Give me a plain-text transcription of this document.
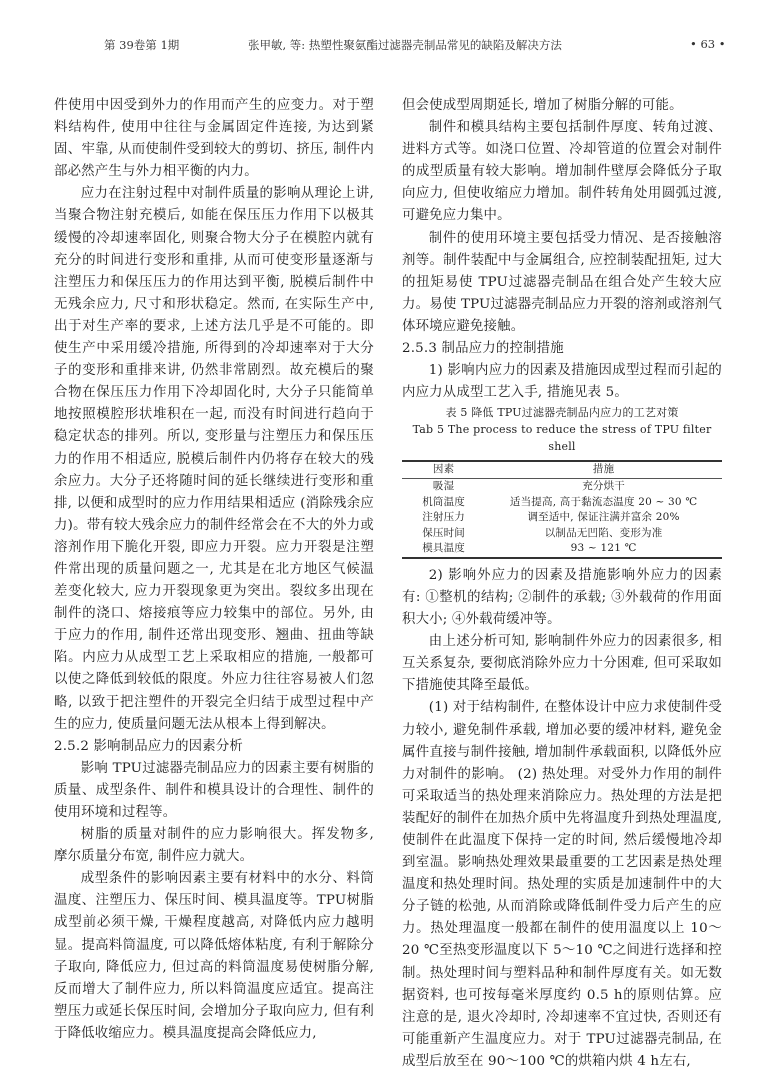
第 39卷第 1期	张甲敏, 等: 热塑性聚氨酯过滤器壳制品常见的缺陷及解决方法	• 63 •

件使用中因受到外力的作用而产生的应变力。对于塑料结构件, 使用中往往与金属固定件连接, 为达到紧固、牢靠, 从而使制件受到较大的剪切、挤压, 制件内部必然产生与外力相平衡的内力。

应力在注射过程中对制件质量的影响从理论上讲, 当聚合物注射充模后, 如能在保压压力作用下以极其缓慢的冷却速率固化, 则聚合物大分子在模腔内就有充分的时间进行变形和重排, 从而可使变形量逐渐与注塑压力和保压压力的作用达到平衡, 脱模后制件中无残余应力, 尺寸和形状稳定。然而, 在实际生产中, 出于对生产率的要求, 上述方法几乎是不可能的。即使生产中采用缓冷措施, 所得到的冷却速率对于大分子的变形和重排来讲, 仍然非常剧烈。故充模后的聚合物在保压压力作用下冷却固化时, 大分子只能简单地按照模腔形状堆积在一起, 而没有时间进行趋向于稳定状态的排列。所以, 变形量与注塑压力和保压压力的作用不相适应, 脱模后制件内仍将存在较大的残余应力。大分子还将随时间的延长继续进行变形和重排, 以便和成型时的应力作用结果相适应 (消除残余应力)。带有较大残余应力的制件经常会在不大的外力或溶剂作用下脆化开裂, 即应力开裂。应力开裂是注塑件常出现的质量问题之一, 尤其是在北方地区气候温差变化较大, 应力开裂现象更为突出。裂纹多出现在制件的浇口、熔接痕等应力较集中的部位。另外, 由于应力的作用, 制件还常出现变形、翘曲、扭曲等缺陷。内应力从成型工艺上采取相应的措施, 一般都可以使之降低到较低的限度。外应力往往容易被人们忽略, 以致于把注塑件的开裂完全归结于成型过程中产生的应力, 使质量问题无法从根本上得到解决。

2.5.2 影响制品应力的因素分析

影响 TPU过滤器壳制品应力的因素主要有树脂的质量、成型条件、制件和模具设计的合理性、制件的使用环境和过程等。

树脂的质量对制件的应力影响很大。挥发物多, 摩尔质量分布宽, 制件应力就大。

成型条件的影响因素主要有材料中的水分、料筒温度、注塑压力、保压时间、模具温度等。TPU树脂成型前必须干燥, 干燥程度越高, 对降低内应力越明显。提高料筒温度, 可以降低熔体粘度, 有利于解除分子取向, 降低应力, 但过高的料筒温度易使树脂分解, 反而增大了制件应力, 所以料筒温度应适宜。提高注塑压力或延长保压时间, 会增加分子取向应力, 但有利于降低收缩应力。模具温度提高会降低应力,

但会使成型周期延长, 增加了树脂分解的可能。

制件和模具结构主要包括制件厚度、转角过渡、进料方式等。如浇口位置、冷却管道的位置会对制件的成型质量有较大影响。增加制件壁厚会降低分子取向应力, 但使收缩应力增加。制件转角处用圆弧过渡, 可避免应力集中。

制件的使用环境主要包括受力情况、是否接触溶剂等。制件装配中与金属组合, 应控制装配扭矩, 过大的扭矩易使 TPU过滤器壳制品在组合处产生较大应力。易使 TPU过滤器壳制品应力开裂的溶剂或溶剂气体环境应避免接触。

2.5.3 制品应力的控制措施

1) 影响内应力的因素及措施因成型过程而引起的内应力从成型工艺入手, 措施见表 5。

表 5 降低 TPU过滤器壳制品内应力的工艺对策

Tab 5 The process to reduce the stress of TPU filter shell

因素	措施
吸湿	充分烘干
机筒温度	适当提高, 高于黏流态温度 20 ~ 30 ℃
注射压力	调至适中, 保证注满并富余 20%
保压时间	以制品无凹陷、变形为准
模具温度	93 ~ 121 ℃

2) 影响外应力的因素及措施影响外应力的因素有: ①整机的结构; ②制件的承载; ③外载荷的作用面积大小; ④外载荷缓冲等。

由上述分析可知, 影响制件外应力的因素很多, 相互关系复杂, 要彻底消除外应力十分困难, 但可采取如下措施使其降至最低。

(1) 对于结构制件, 在整体设计中应力求使制件受力较小, 避免制件承载, 增加必要的缓冲材料, 避免金属件直接与制件接触, 增加制件承载面积, 以降低外应力对制件的影响。 (2) 热处理。对受外力作用的制件可采取适当的热处理来消除应力。热处理的方法是把装配好的制件在加热介质中先将温度升到热处理温度, 使制件在此温度下保持一定的时间, 然后缓慢地冷却到室温。影响热处理效果最重要的工艺因素是热处理温度和热处理时间。热处理的实质是加速制件中的大分子链的松弛, 从而消除或降低制件受力后产生的应力。热处理温度一般都在制件的使用温度以上 10～20 ℃至热变形温度以下 5～10 ℃之间进行选择和控制。热处理时间与塑料品种和制件厚度有关。如无数据资料, 也可按每毫米厚度约 0.5 h的原则估算。应注意的是, 退火冷却时, 冷却速率不宜过快, 否则还有可能重新产生温度应力。对于 TPU过滤器壳制品, 在成型后放至在 90～100 ℃的烘箱内烘 4 h左右,
